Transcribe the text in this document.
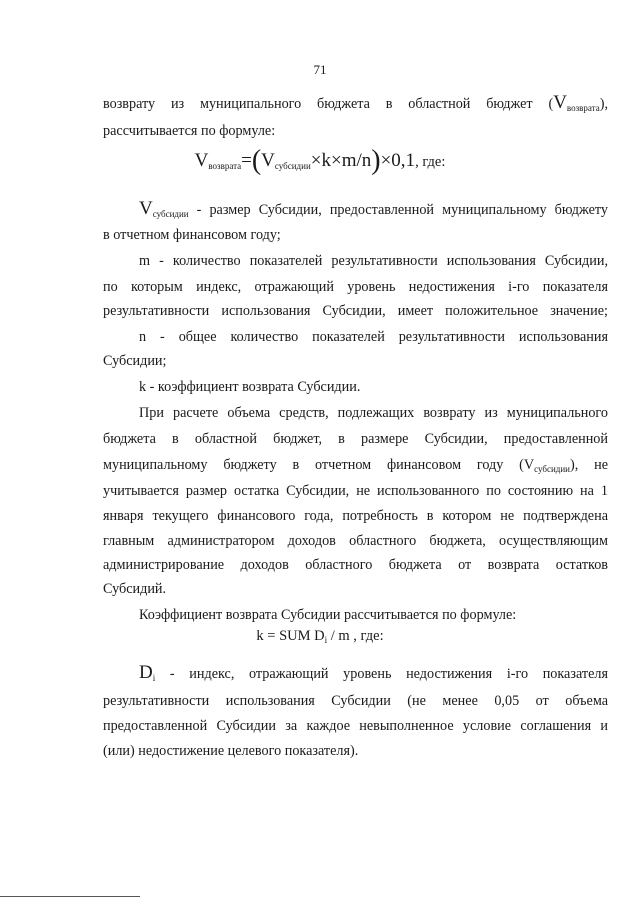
71

возврату из муниципального бюджета в областной бюджет $(V_{возврата})$,

рассчитывается по формуле:

$V_{возврата}=(V_{субсидии}\times k\times m/n)\times 0,1$, где:

$V_{субсидии}$ - размер Субсидии, предоставленной муниципальному бюджету

в отчетном финансовом году;

m - количество показателей результативности использования Субсидии,

по которым индекс, отражающий уровень недостижения i-го показателя

результативности использования Субсидии, имеет положительное значение;

n - общее количество показателей результативности использования

Субсидии;

k - коэффициент возврата Субсидии.

При расчете объема средств, подлежащих возврату из муниципального

бюджета в областной бюджет, в размере Субсидии, предоставленной

муниципальному бюджету в отчетном финансовом году $(V_{субсидии})$, не

учитывается размер остатка Субсидии, не использованного по состоянию на 1

января текущего финансового года, потребность в котором не подтверждена

главным администратором доходов областного бюджета, осуществляющим

администрирование доходов областного бюджета от возврата остатков

Субсидий.

Коэффициент возврата Субсидии рассчитывается по формуле:

k = SUM $D_i$ / m , где:

$D_i$ - индекс, отражающий уровень недостижения i-го показателя

результативности использования Субсидии (не менее 0,05 от объема

предоставленной Субсидии за каждое невыполненное условие соглашения и

(или) недостижение целевого показателя).
